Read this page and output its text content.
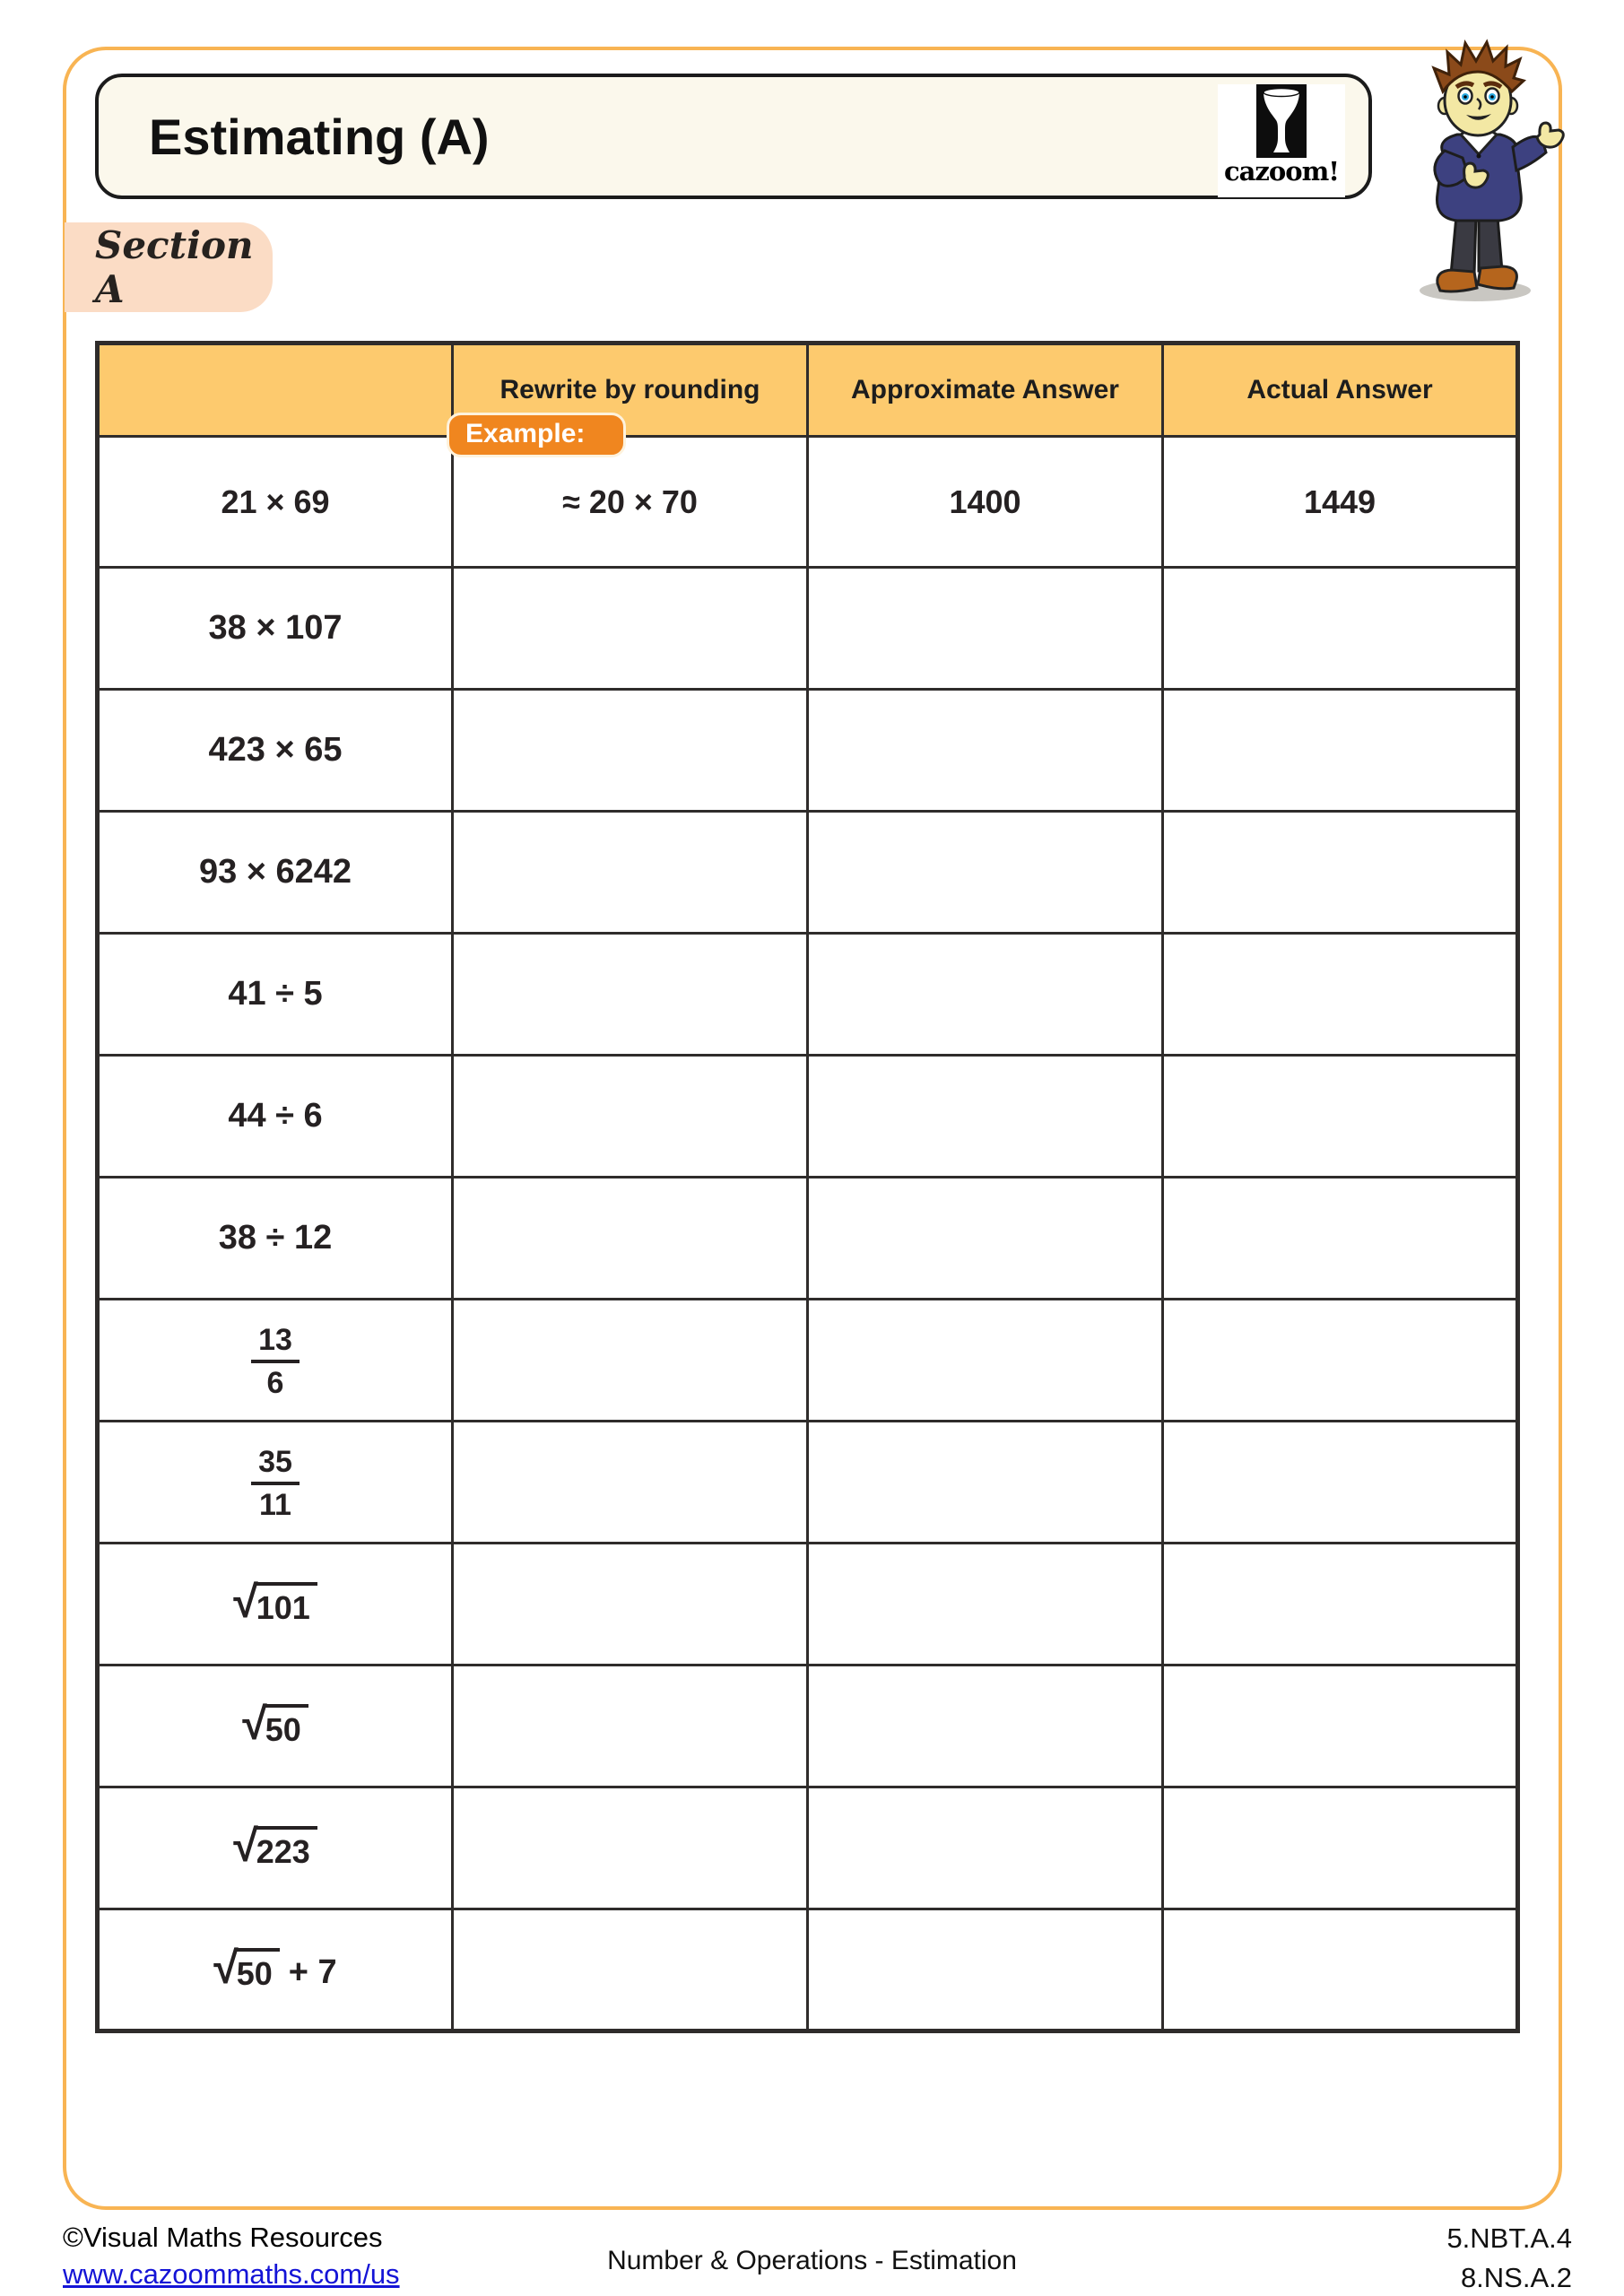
Estimating (A)
cazoom!
Section A
	Rewrite by rounding	Approximate Answer	Actual Answer
21 × 69	≈ 20 × 70	1400	1449
38 × 107			
423 × 65			
93 × 6242			
41 ÷ 5			
44 ÷ 6			
38 ÷ 12			

$\frac{13}{6}$

$\frac{35}{11}$

√
101			

√
50			

√
223			

√
50 + 7			
Example:
©Visual Maths Resources
www.cazoommaths.com/us	Number & Operations - Estimation
5.NBT.A.4
8.NS.A.2
